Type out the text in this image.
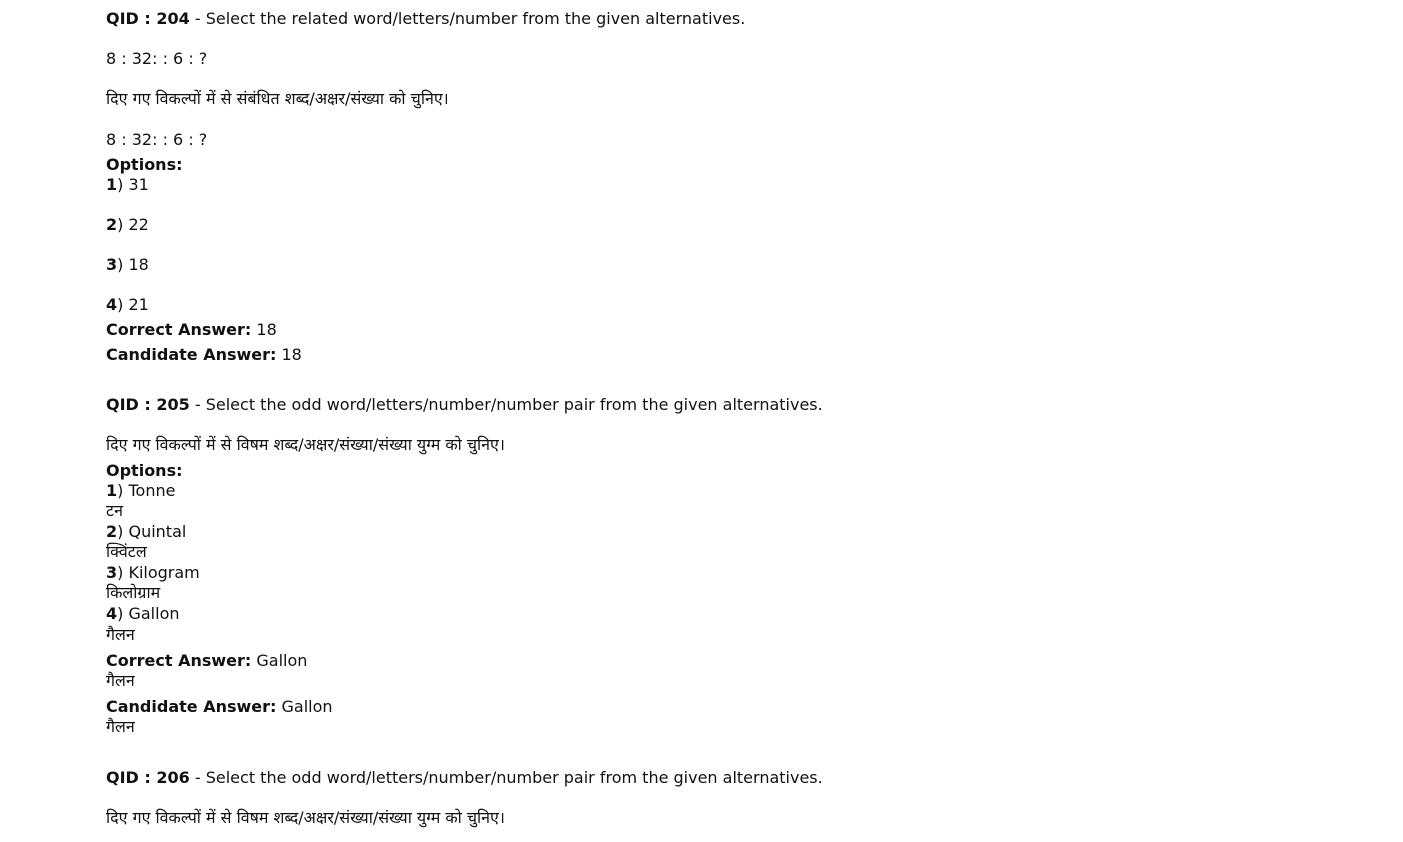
QID : 204 - Select the related word/letters/number from the given alternatives.
8 : 32: : 6 : ?
दिए गए विकल्पों में से संबंधित शब्द/अक्षर/संख्या को चुनिए।
8 : 32: : 6 : ?
Options:
1) 31
2) 22
3) 18
4) 21
Correct Answer: 18
Candidate Answer: 18
QID : 205 - Select the odd word/letters/number/number pair from the given alternatives.
दिए गए विकल्पों में से विषम शब्द/अक्षर/संख्या/संख्या युग्म को चुनिए।
Options:
1) Tonne
टन
2) Quintal
क्विंटल
3) Kilogram
किलोग्राम
4) Gallon
गैलन
Correct Answer: Gallon
गैलन
Candidate Answer: Gallon
गैलन
QID : 206 - Select the odd word/letters/number/number pair from the given alternatives.
दिए गए विकल्पों में से विषम शब्द/अक्षर/संख्या/संख्या युग्म को चुनिए।
